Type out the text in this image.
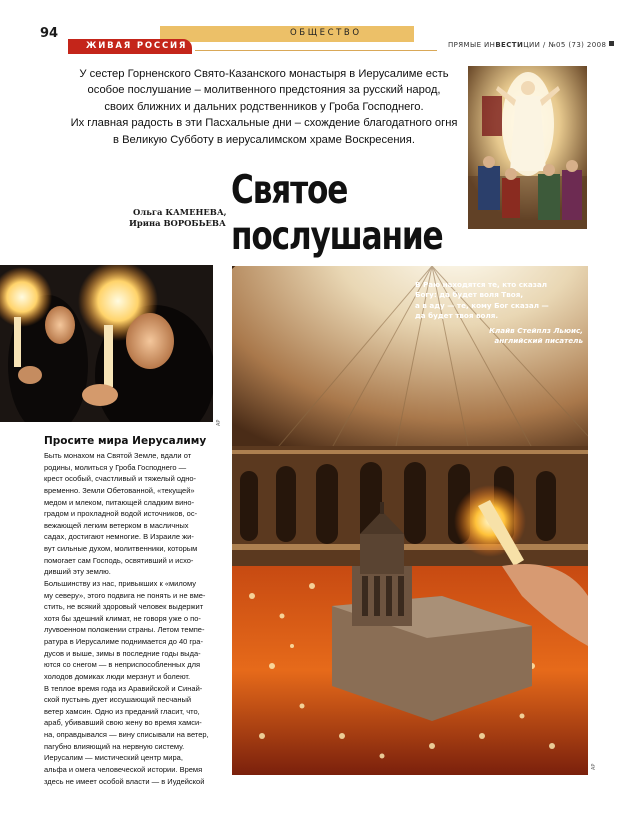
94	ОБЩЕСТВО
ЖИВАЯ РОССИЯ	ПРЯМЫЕ ИНВЕСТИЦИИ / №05 (73) 2008
У сестер Горненского Свято-Казанского монастыря в Иерусалиме есть
особое послушание – молитвенного предстояния за русский народ,
своих ближних и дальних родственников у Гроба Господнего.
Их главная радость в эти Пасхальные дни – схождение благодатного огня
в Великую Субботу в иерусалимском храме Воскресения.
Ольга КАМЕНЕВА,
Ирина ВОРОБЬЕВА
Святое
послушание
AP
AP
В Раю находятся те, кто сказал
Богу: да будет воля Твоя,
а в аду — те, кому Бог сказал —
да будет твоя воля.
Клайв Стейплз Льюис,
английский писатель
Просите мира Иерусалиму
Быть монахом на Святой Земле, вдали от
родины, молиться у Гроба Господнего —
крест особый, счастливый и тяжелый одно-
временно. Земли Обетованной, «текущей»
медом и млеком, питающей сладким вино-
градом и прохладной водой источников, ос-
вежающей легким ветерком в масличных
садах, достигают немногие. В Израиле жи-
вут сильные духом, молитвенники, которым
помогает сам Господь, освятивший и исхо-
дивший эту землю.
Большинству из нас, привыкших к «милому
му северу», этого подвига не понять и не вме-
стить, не всякий здоровый человек выдержит
хотя бы здешний климат, не говоря уже о по-
луvвоенном положении страны. Летом темпе-
ратура в Иерусалиме поднимается до 40 гра-
дусов и выше, зимы в последние годы выда-
ются со снегом — в неприспособленных для
холодов домиках люди мерзнут и болеют.
В теплое время года из Аравийской и Синай-
ской пустынь дует иссушающий песчаный
ветер хамсин. Одно из преданий гласит, что,
араб, убивавший свою жену во время хамси-
на, оправдывался — вину списывали на ветер,
пагубно влияющий на нервную систему.
Иерусалим — мистический центр мира,
альфа и омега человеческой истории. Время
здесь не имеет особой власти — в Иудейской
